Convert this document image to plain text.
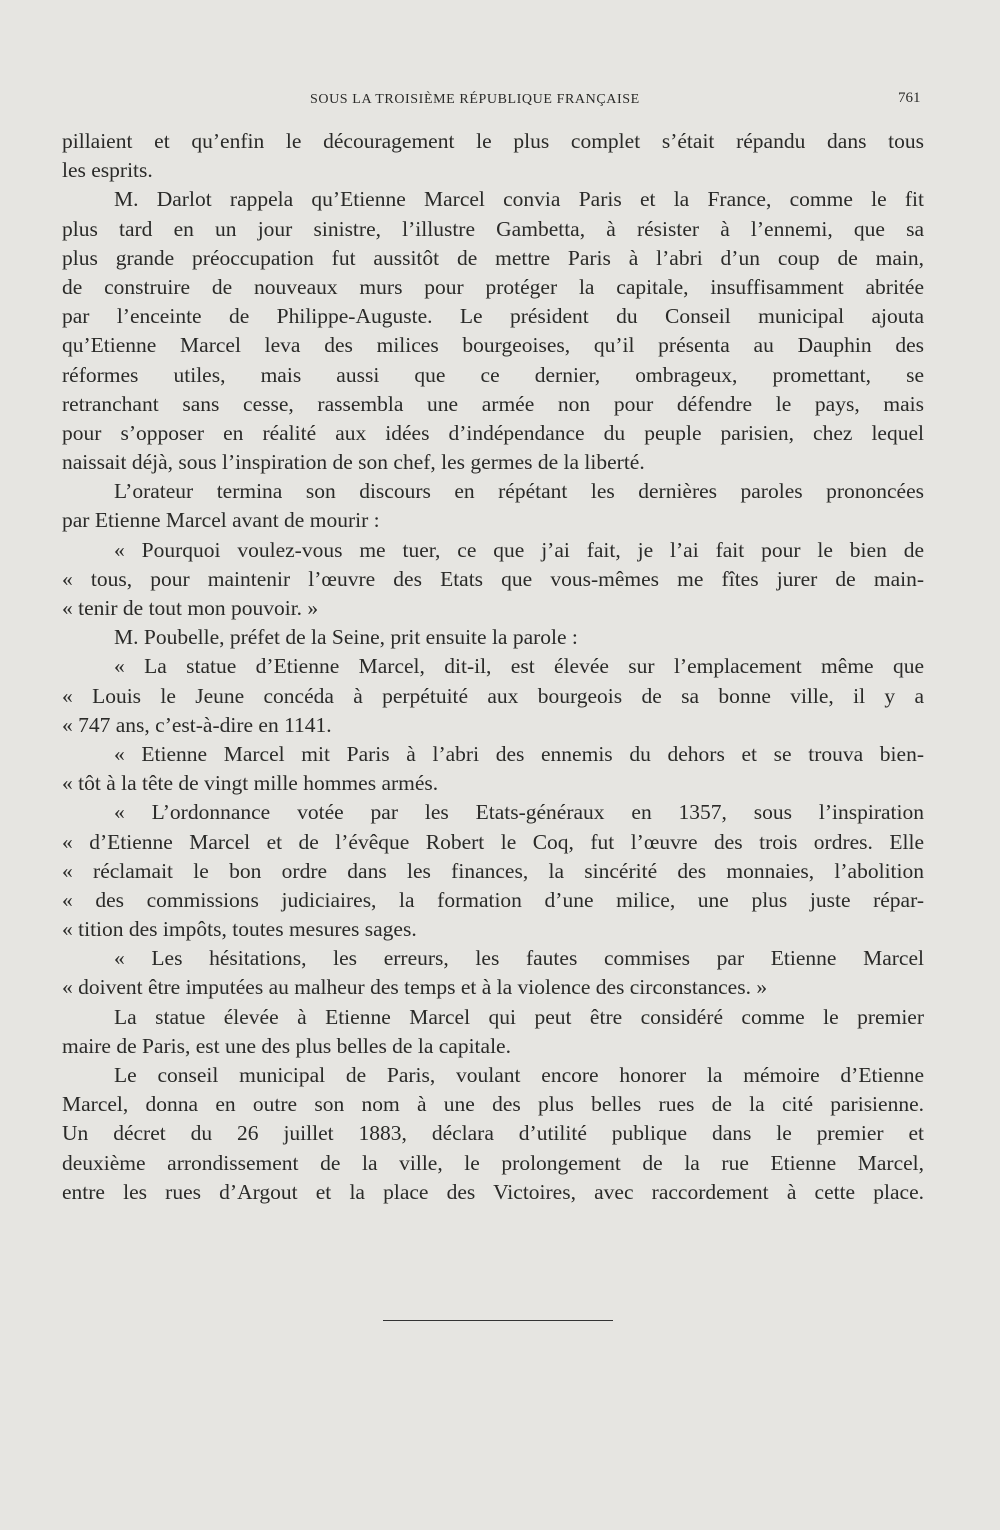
SOUS LA TROISIÈME RÉPUBLIQUE FRANÇAISE	761
pillaient et qu’enfin le découragement le plus complet s’était répandu dans tous
les esprits.
M. Darlot rappela qu’Etienne Marcel convia Paris et la France, comme le fit
plus tard en un jour sinistre, l’illustre Gambetta, à résister à l’ennemi, que sa
plus grande préoccupation fut aussitôt de mettre Paris à l’abri d’un coup de main,
de construire de nouveaux murs pour protéger la capitale, insuffisamment abritée
par l’enceinte de Philippe-Auguste. Le président du Conseil municipal ajouta
qu’Etienne Marcel leva des milices bourgeoises, qu’il présenta au Dauphin des
réformes utiles, mais aussi que ce dernier, ombrageux, promettant, se
retranchant sans cesse, rassembla une armée non pour défendre le pays, mais
pour s’opposer en réalité aux idées d’indépendance du peuple parisien, chez lequel
naissait déjà, sous l’inspiration de son chef, les germes de la liberté.
L’orateur termina son discours en répétant les dernières paroles prononcées
par Etienne Marcel avant de mourir :
« Pourquoi voulez-vous me tuer, ce que j’ai fait, je l’ai fait pour le bien de
« tous, pour maintenir l’œuvre des Etats que vous-mêmes me fîtes jurer de main-
« tenir de tout mon pouvoir. »
M. Poubelle, préfet de la Seine, prit ensuite la parole :
« La statue d’Etienne Marcel, dit-il, est élevée sur l’emplacement même que
« Louis le Jeune concéda à perpétuité aux bourgeois de sa bonne ville, il y a
« 747 ans, c’est-à-dire en 1141.
« Etienne Marcel mit Paris à l’abri des ennemis du dehors et se trouva bien-
« tôt à la tête de vingt mille hommes armés.
« L’ordonnance votée par les Etats-généraux en 1357, sous l’inspiration
« d’Etienne Marcel et de l’évêque Robert le Coq, fut l’œuvre des trois ordres. Elle
« réclamait le bon ordre dans les finances, la sincérité des monnaies, l’abolition
« des commissions judiciaires, la formation d’une milice, une plus juste répar-
« tition des impôts, toutes mesures sages.
« Les hésitations, les erreurs, les fautes commises par Etienne Marcel
« doivent être imputées au malheur des temps et à la violence des circonstances. »
La statue élevée à Etienne Marcel qui peut être considéré comme le premier
maire de Paris, est une des plus belles de la capitale.
Le conseil municipal de Paris, voulant encore honorer la mémoire d’Etienne
Marcel, donna en outre son nom à une des plus belles rues de la cité parisienne.
Un décret du 26 juillet 1883, déclara d’utilité publique dans le premier et
deuxième arrondissement de la ville, le prolongement de la rue Etienne Marcel,
entre les rues d’Argout et la place des Victoires, avec raccordement à cette place.
